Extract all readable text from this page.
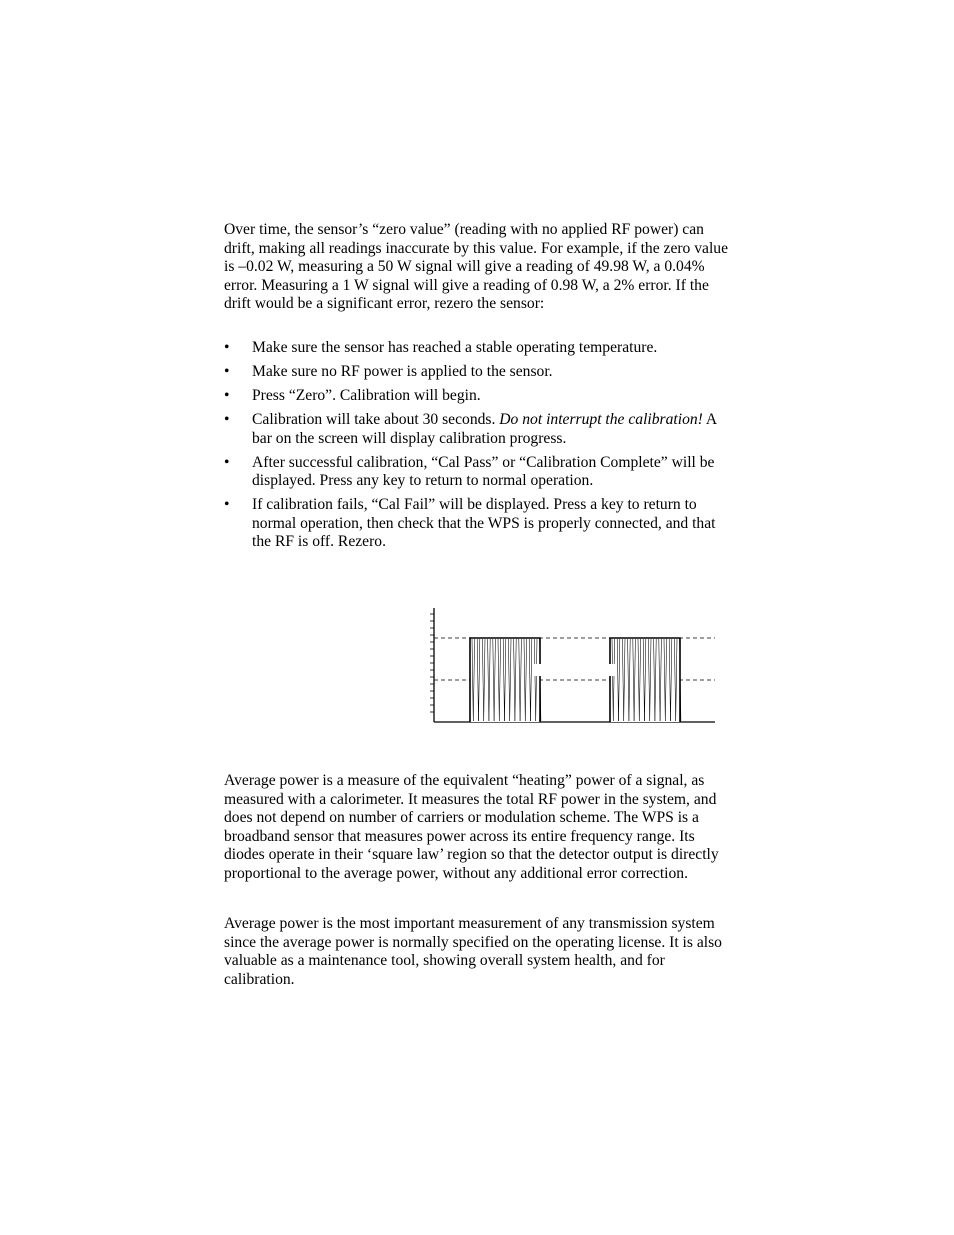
Over time, the sensor’s “zero value” (reading with no applied RF power) can drift, making all readings inaccurate by this value. For example, if the zero value is –0.02 W, measuring a 50 W signal will give a reading of 49.98 W, a 0.04% error. Measuring a 1 W signal will give a reading of 0.98 W, a 2% error. If the drift would be a significant error, rezero the sensor:

• Make sure the sensor has reached a stable operating temperature.
• Make sure no RF power is applied to the sensor.
• Press “Zero”. Calibration will begin.
• Calibration will take about 30 seconds. Do not interrupt the calibration! A bar on the screen will display calibration progress.
• After successful calibration, “Cal Pass” or “Calibration Complete” will be displayed. Press any key to return to normal operation.
• If calibration fails, “Cal Fail” will be displayed. Press a key to return to normal operation, then check that the WPS is properly connected, and that the RF is off. Rezero.

Average power is a measure of the equivalent “heating” power of a signal, as measured with a calorimeter. It measures the total RF power in the system, and does not depend on number of carriers or modulation scheme. The WPS is a broadband sensor that measures power across its entire frequency range. Its diodes operate in their ‘square law’ region so that the detector output is directly proportional to the average power, without any additional error correction.

Average power is the most important measurement of any transmission system since the average power is normally specified on the operating license. It is also valuable as a maintenance tool, showing overall system health, and for calibration.
